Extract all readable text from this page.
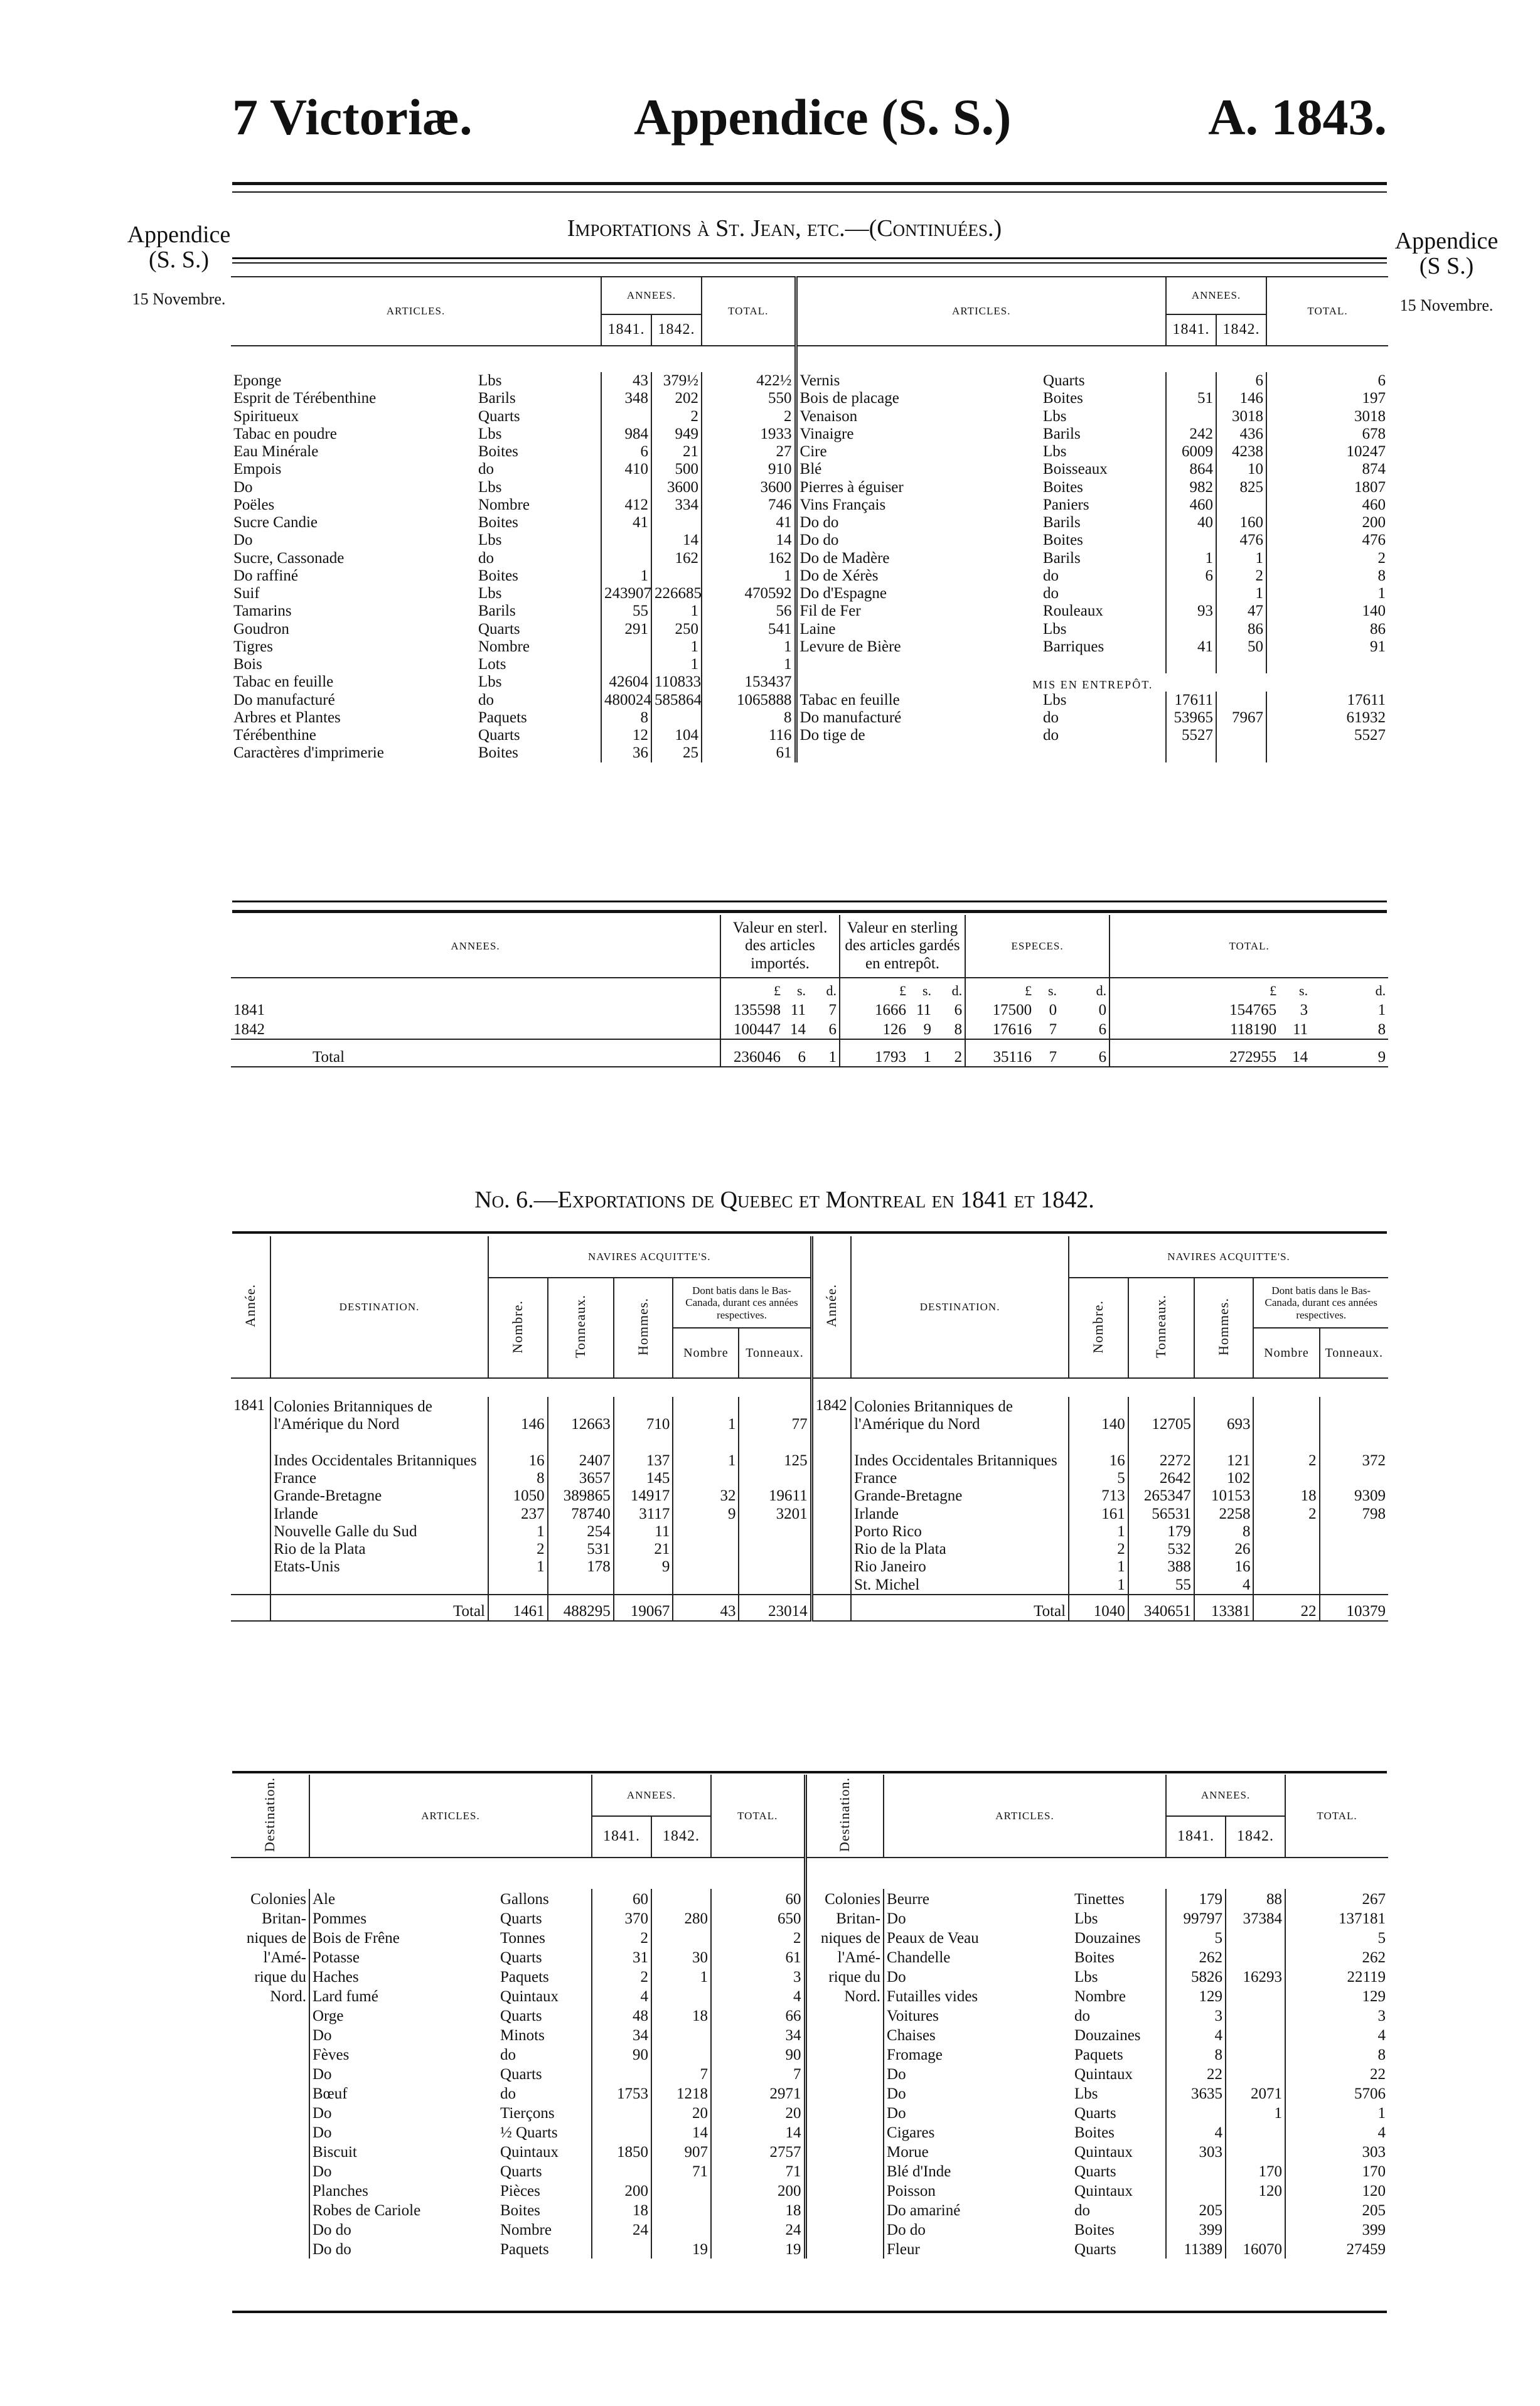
7 Victoriæ.	Appendice (S. S.)	A. 1843.
Appendice
(S. S.)
15 Novembre.
Appendice
(S S.)
15 Novembre.
Importations à St. Jean, etc.—(Continuées.)
ARTICLES.		ANNEES.		TOTAL.	ARTICLES.		ANNEES.		TOTAL.
		1841.	1842.				1841.	1842.	

Eponge	Lbs	43	379½	422½	Vernis	Quarts		6	6
Esprit de Térébenthine	Barils	348	202	550	Bois de placage	Boites	51	146	197
Spiritueux	Quarts		2	2	Venaison	Lbs		3018	3018
Tabac en poudre	Lbs	984	949	1933	Vinaigre	Barils	242	436	678
Eau Minérale	Boites	6	21	27	Cire	Lbs	6009	4238	10247
Empois	do	410	500	910	Blé	Boisseaux	864	10	874
Do	Lbs		3600	3600	Pierres à éguiser	Boites	982	825	1807
Poëles	Nombre	412	334	746	Vins Français	Paniers	460		460
Sucre Candie	Boites	41		41	Do do	Barils	40	160	200
Do	Lbs		14	14	Do do	Boites		476	476
Sucre, Cassonade	do		162	162	Do de Madère	Barils	1	1	2
Do raffiné	Boites	1		1	Do de Xérès	do	6	2	8
Suif	Lbs	243907	226685	470592	Do d'Espagne	do		1	1
Tamarins	Barils	55	1	56	Fil de Fer	Rouleaux	93	47	140
Goudron	Quarts	291	250	541	Laine	Lbs		86	86
Tigres	Nombre		1	1	Levure de Bière	Barriques	41	50	91
Bois	Lots		1	1					
Tabac en feuille	Lbs	42604	110833	153437	MIS EN ENTREPÔT.				
Do manufacturé	do	480024	585864	1065888	Tabac en feuille	Lbs	17611		17611
Arbres et Plantes	Paquets	8		8	Do manufacturé	do	53965	7967	61932
Térébenthine	Quarts	12	104	116	Do tige de	do	5527		5527
Caractères d'imprimerie	Boites	36	25	61					
ANNEES.	Valeur en sterl. des articles importés.			Valeur en sterling des articles gardés en entrepôt.			ESPECES.			TOTAL.		
	£	s.	d.	£	s.	d.	£	s.	d.	£	s.	d.
1841	135598	11	7	1666	11	6	17500	0	0	154765	3	1
1842	100447	14	6	126	9	8	17616	7	6	118190	11	8
Total	236046	6	1	1793	1	2	35116	7	6	272955	14	9
No. 6.—Exportations de Quebec et Montreal en 1841 et 1842.
Année.	DESTINATION.	NAVIRES ACQUITTE'S.					Année.	DESTINATION.	NAVIRES ACQUITTE'S.				
		Nombre.	Tonneaux.	Hommes.	Dont batis dans le Bas-Canada, durant ces années respectives.				Nombre.	Tonneaux.	Hommes.	Dont batis dans le Bas-Canada, durant ces années respectives.	
					Nombre	Tonneaux.						Nombre	Tonneaux.

1841	Colonies Britanniques de l'Amérique du Nord	146	12663	710	1	77	1842	Colonies Britanniques de l'Amérique du Nord	140	12705	693		
	Indes Occidentales Britanniques	16	2407	137	1	125		Indes Occidentales Britanniques	16	2272	121	2	372
	France	8	3657	145				France	5	2642	102		
	Grande-Bretagne	1050	389865	14917	32	19611		Grande-Bretagne	713	265347	10153	18	9309
	Irlande	237	78740	3117	9	3201		Irlande	161	56531	2258	2	798
	Nouvelle Galle du Sud	1	254	11				Porto Rico	1	179	8		
	Rio de la Plata	2	531	21				Rio de la Plata	2	532	26		
	Etats-Unis	1	178	9				Rio Janeiro	1	388	16		
								St. Michel	1	55	4		
	Total	1461	488295	19067	43	23014		Total	1040	340651	13381	22	10379
Destination.	ARTICLES.		ANNEES.		TOTAL.	Destination.	ARTICLES.		ANNEES.		TOTAL.
			1841.	1842.					1841.	1842.	

Colonies	Ale	Gallons	60		60	Colonies	Beurre	Tinettes	179	88	267
Britan-	Pommes	Quarts	370	280	650	Britan-	Do	Lbs	99797	37384	137181
niques de	Bois de Frêne	Tonnes	2		2	niques de	Peaux de Veau	Douzaines	5		5
l'Amé-	Potasse	Quarts	31	30	61	l'Amé-	Chandelle	Boites	262		262
rique du	Haches	Paquets	2	1	3	rique du	Do	Lbs	5826	16293	22119
Nord.	Lard fumé	Quintaux	4		4	Nord.	Futailles vides	Nombre	129		129
	Orge	Quarts	48	18	66		Voitures	do	3		3
	Do	Minots	34		34		Chaises	Douzaines	4		4
	Fèves	do	90		90		Fromage	Paquets	8		8
	Do	Quarts		7	7		Do	Quintaux	22		22
	Bœuf	do	1753	1218	2971		Do	Lbs	3635	2071	5706
	Do	Tierçons		20	20		Do	Quarts		1	1
	Do	½ Quarts		14	14		Cigares	Boites	4		4
	Biscuit	Quintaux	1850	907	2757		Morue	Quintaux	303		303
	Do	Quarts		71	71		Blé d'Inde	Quarts		170	170
	Planches	Pièces	200		200		Poisson	Quintaux		120	120
	Robes de Cariole	Boites	18		18		Do amariné	do	205		205
	Do do	Nombre	24		24		Do do	Boites	399		399
	Do do	Paquets		19	19		Fleur	Quarts	11389	16070	27459
